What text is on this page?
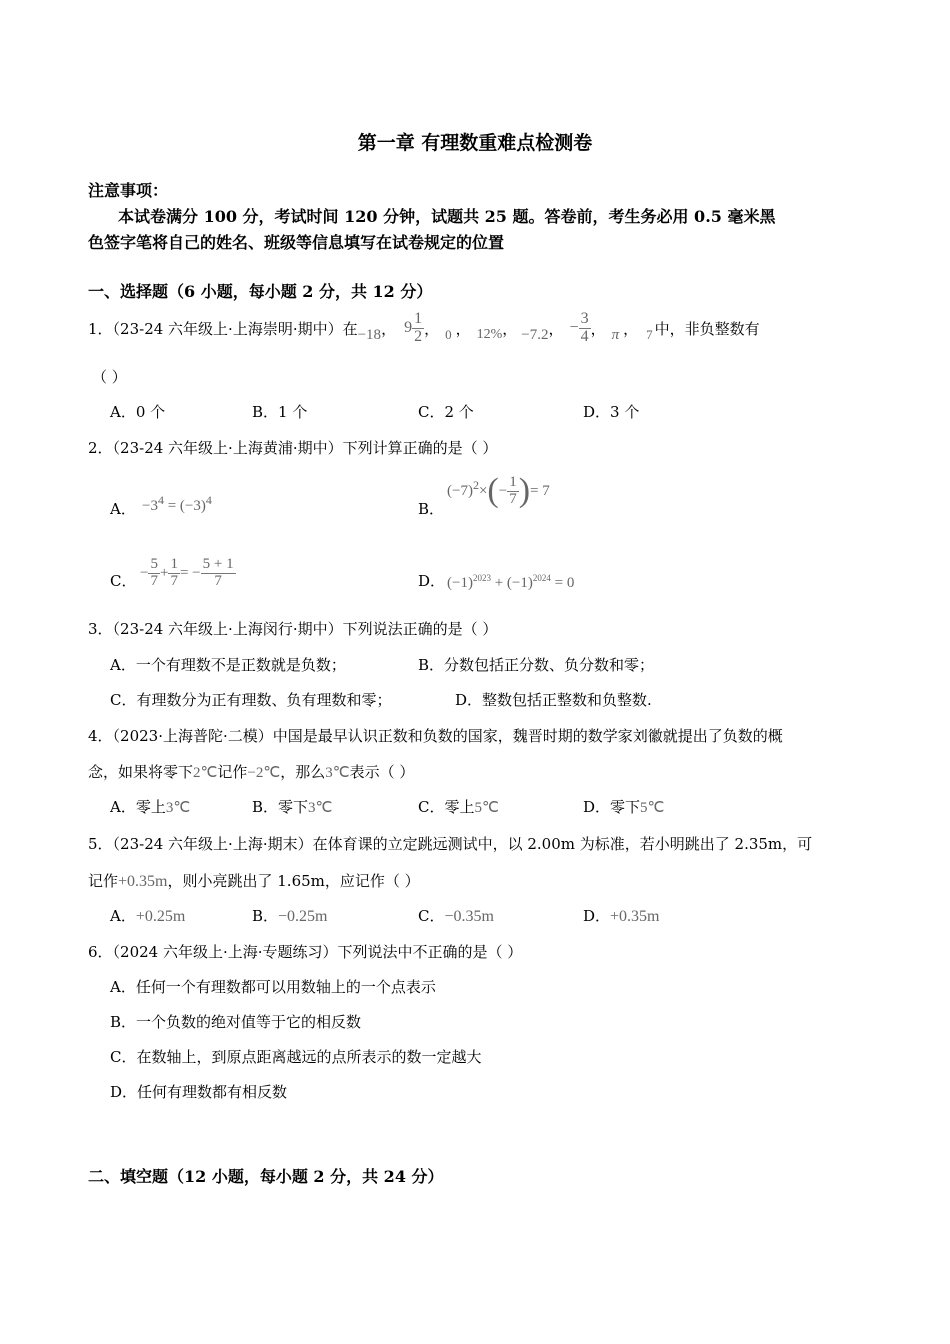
第一章 有理数重难点检测卷
注意事项：
本试卷满分 100 分，考试时间 120 分钟，试题共 25 题。答卷前，考生务必用 0.5 毫米黑
色签字笔将自己的姓名、班级等信息填写在试卷规定的位置
一、选择题（6 小题，每小题 2 分，共 12 分）
1．（23-24 六年级上·上海崇明·期中）在 −18 ， $9 \frac{1}{2}$ ， 0 ， 12% ， −7.2 ， − $\frac{3}{4}$ ， π ， 7 中，非负整数有
（ ）
A．0 个	B．1 个	C．2 个	D．3 个
2．（23-24 六年级上·上海黄浦·期中）下列计算正确的是（ ）
A． $-3^4 = (-3)^4$	B．
$(-7)^2$ × ( − $\frac{1}{7}$ ) = 7
C． − $\frac{5}{7} + \frac{1}{7}$ = − $\frac{5 + 1}{7}$	D． $(-1)^{2023} + (-1)^{2024} = 0$
3．（23-24 六年级上·上海闵行·期中）下列说法正确的是（ ）
A．一个有理数不是正数就是负数；	B．分数包括正分数、负分数和零；
C．有理数分为正有理数、负有理数和零；	D．整数包括正整数和负整数.
4．（2023·上海普陀·二模）中国是最早认识正数和负数的国家，魏晋时期的数学家刘徽就提出了负数的概
念，如果将零下2℃记作−2℃，那么3℃表示（ ）
A．零上3℃	B．零下3℃	C．零上5℃	D．零下5℃
5．（23-24 六年级上·上海·期末）在体育课的立定跳远测试中，以 2.00m 为标准，若小明跳出了 2.35m，可
记作+0.35m，则小亮跳出了 1.65m，应记作（ ）
A．+0.25m	B．−0.25m	C．−0.35m	D．+0.35m
6．（2024 六年级上·上海·专题练习）下列说法中不正确的是（ ）
A．任何一个有理数都可以用数轴上的一个点表示
B．一个负数的绝对值等于它的相反数
C．在数轴上，到原点距离越远的点所表示的数一定越大
D．任何有理数都有相反数
二、填空题（12 小题，每小题 2 分，共 24 分）
